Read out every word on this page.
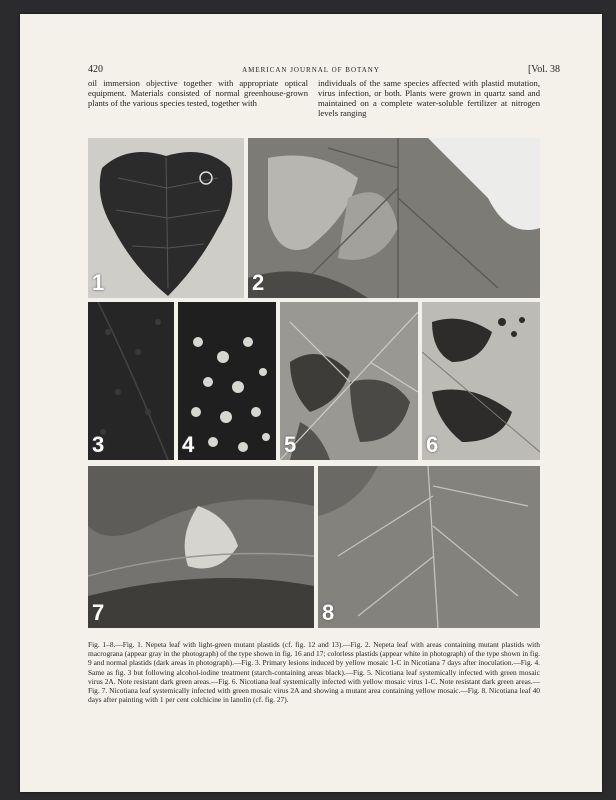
420	AMERICAN JOURNAL OF BOTANY	[Vol. 38
oil immersion objective together with appropriate optical equipment. Materials consisted of normal greenhouse-grown plants of the various species tested, together with
individuals of the same species affected with plastid mutation, virus infection, or both. Plants were grown in quartz sand and maintained on a complete water-soluble fertilizer at nitrogen levels ranging
1	2
3	4	5	6
7	8
Fig. 1–8.—Fig. 1. Nepeta leaf with light-green mutant plastids (cf. fig. 12 and 13).—Fig. 2. Nepeta leaf with areas containing mutant plastids with macrograna (appear gray in the photograph) of the type shown in fig. 16 and 17; colorless plastids (appear white in photograph) of the type shown in fig. 9 and normal plastids (dark areas in photograph).—Fig. 3. Primary lesions induced by yellow mosaic 1-C in Nicotiana 7 days after inoculation.—Fig. 4. Same as fig. 3 but following alcohol-iodine treatment (starch-containing areas black).—Fig. 5. Nicotiana leaf systemically infected with green mosaic virus 2A. Note resistant dark green areas.—Fig. 6. Nicotiana leaf systemically infected with yellow mosaic virus 1-C. Note resistant dark green areas.—Fig. 7. Nicotiana leaf systemically infected with green mosaic virus 2A and showing a mutant area containing yellow mosaic.—Fig. 8. Nicotiana leaf 40 days after painting with 1 per cent colchicine in lanolin (cf. fig. 27).
